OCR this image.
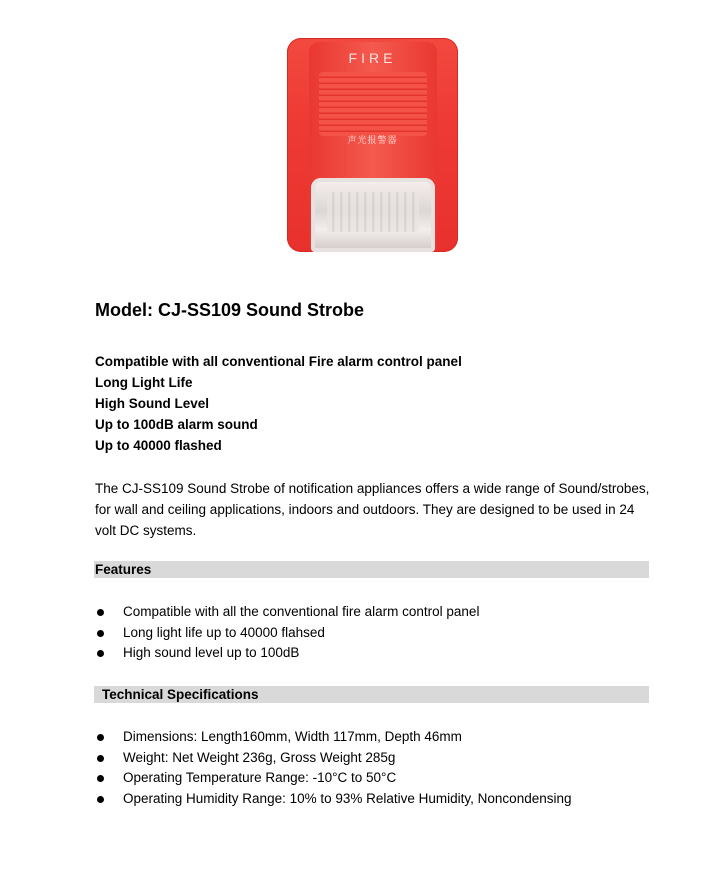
FIRE
声光报警器
Model: CJ-SS109 Sound Strobe
Compatible with all conventional Fire alarm control panel
Long Light Life
High Sound Level
Up to 100dB alarm sound
Up to 40000 flashed
The CJ-SS109 Sound Strobe of notification appliances offers a wide range of Sound/strobes, for wall and ceiling applications, indoors and outdoors. They are designed to be used in 24 volt DC systems.
Features
Compatible with all the conventional fire alarm control panel
Long light life up to 40000 flahsed
High sound level up to 100dB
Technical Specifications
Dimensions: Length160mm, Width 117mm, Depth 46mm
Weight: Net Weight 236g, Gross Weight 285g
Operating Temperature Range: -10°C to 50°C
Operating Humidity Range: 10% to 93% Relative Humidity, Noncondensing
